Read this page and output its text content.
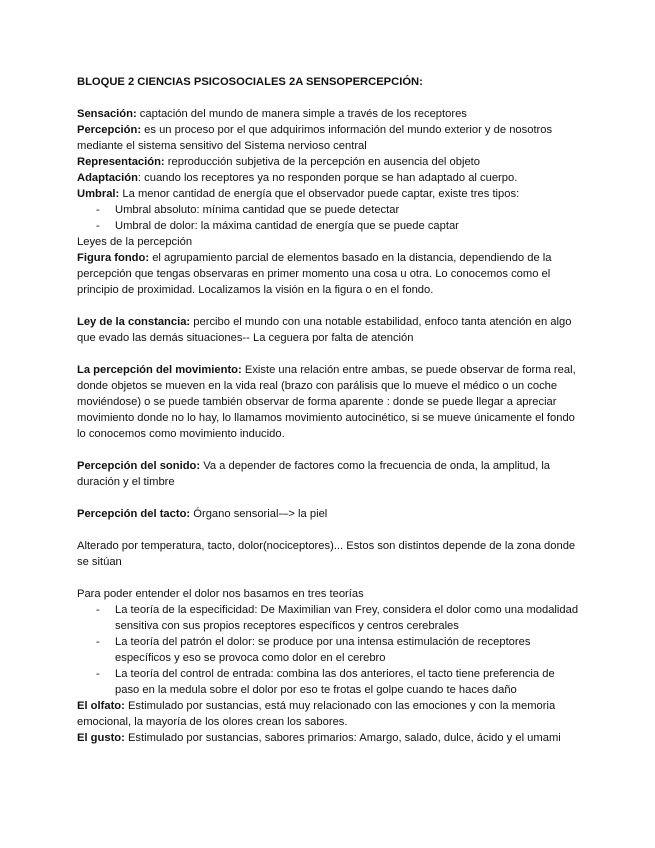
BLOQUE 2 CIENCIAS PSICOSOCIALES 2A SENSOPERCEPCIÓN:

Sensación: captación del mundo de manera simple a través de los receptores

Percepción: es un proceso por el que adquirimos información del mundo exterior y de nosotros mediante el sistema sensitivo del Sistema nervioso central

Representación: reproducción subjetiva de la percepción en ausencia del objeto

Adaptación: cuando los receptores ya no responden porque se han adaptado al cuerpo.

Umbral: La menor cantidad de energía que el observador puede captar, existe tres tipos:

- Umbral absoluto: mínima cantidad que se puede detectar
- Umbral de dolor: la máxima cantidad de energía que se puede captar

Leyes de la percepción

Figura fondo: el agrupamiento parcial de elementos basado en la distancia, dependiendo de la percepción que tengas observaras en primer momento una cosa u otra. Lo conocemos como el principio de proximidad. Localizamos la visión en la figura o en el fondo.

Ley de la constancia: percibo el mundo con una notable estabilidad, enfoco tanta atención en algo que evado las demás situaciones-- La ceguera por falta de atención

La percepción del movimiento: Existe una relación entre ambas, se puede observar de forma real, donde objetos se mueven en la vida real (brazo con parálisis que lo mueve el médico o un coche moviéndose) o se puede también observar de forma aparente : donde se puede llegar a apreciar movimiento donde no lo hay, lo llamamos movimiento autocinético, si se mueve únicamente el fondo lo conocemos como movimiento inducido.

Percepción del sonido: Va a depender de factores como la frecuencia de onda, la amplitud, la duración y el timbre

Percepción del tacto: Órgano sensorial-–> la piel

Alterado por temperatura, tacto, dolor(nociceptores)... Estos son distintos depende de la zona donde se sitúan

Para poder entender el dolor nos basamos en tres teorías

- La teoría de la especificidad: De Maximilian van Frey, considera el dolor como una modalidad sensitiva con sus propios receptores específicos y centros cerebrales
- La teoría del patrón el dolor: se produce por una intensa estimulación de receptores específicos y eso se provoca como dolor en el cerebro
- La teoría del control de entrada: combina las dos anteriores, el tacto tiene preferencia de paso en la medula sobre el dolor por eso te frotas el golpe cuando te haces daño

El olfato: Estimulado por sustancias, está muy relacionado con las emociones y con la memoria emocional, la mayoría de los olores crean los sabores.

El gusto: Estimulado por sustancias, sabores primarios: Amargo, salado, dulce, ácido y el umami
